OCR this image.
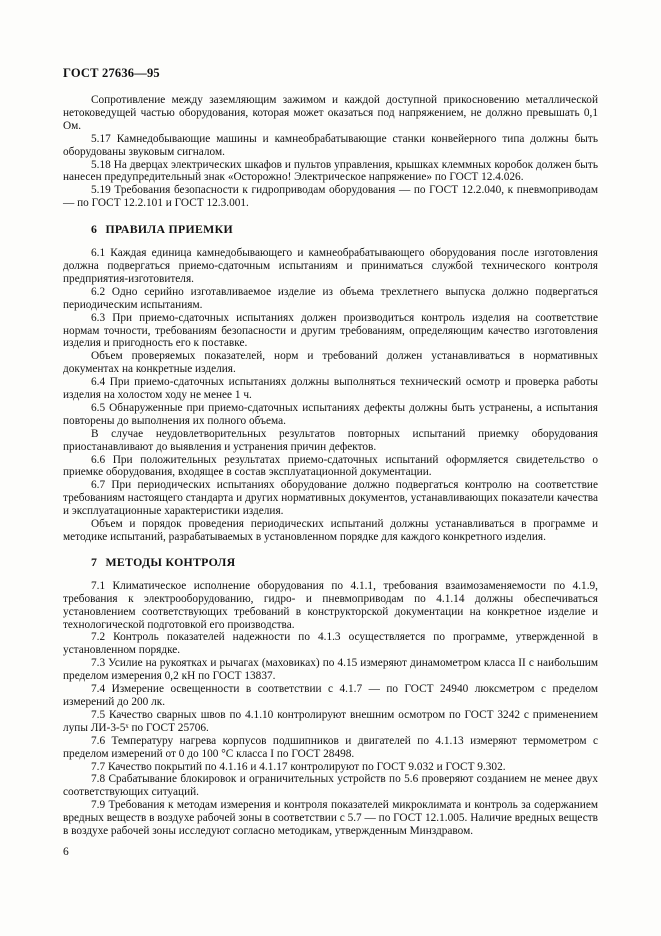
ГОСТ 27636—95

Сопротивление между заземляющим зажимом и каждой доступной прикосновению металлической нетоковедущей частью оборудования, которая может оказаться под напряжением, не должно превышать 0,1 Ом.

5.17 Камнедобывающие машины и камнеобрабатывающие станки конвейерного типа должны быть оборудованы звуковым сигналом.

5.18 На дверцах электрических шкафов и пультов управления, крышках клеммных коробок должен быть нанесен предупредительный знак «Осторожно! Электрическое напряжение» по ГОСТ 12.4.026.

5.19 Требования безопасности к гидроприводам оборудования — по ГОСТ 12.2.040, к пневмоприводам — по ГОСТ 12.2.101 и ГОСТ 12.3.001.

6 ПРАВИЛА ПРИЕМКИ

6.1 Каждая единица камнедобывающего и камнеобрабатывающего оборудования после изготовления должна подвергаться приемо-сдаточным испытаниям и приниматься службой технического контроля предприятия-изготовителя.

6.2 Одно серийно изготавливаемое изделие из объема трехлетнего выпуска должно подвергаться периодическим испытаниям.

6.3 При приемо-сдаточных испытаниях должен производиться контроль изделия на соответствие нормам точности, требованиям безопасности и другим требованиям, определяющим качество изготовления изделия и пригодность его к поставке.

Объем проверяемых показателей, норм и требований должен устанавливаться в нормативных документах на конкретные изделия.

6.4 При приемо-сдаточных испытаниях должны выполняться технический осмотр и проверка работы изделия на холостом ходу не менее 1 ч.

6.5 Обнаруженные при приемо-сдаточных испытаниях дефекты должны быть устранены, а испытания повторены до выполнения их полного объема.

В случае неудовлетворительных результатов повторных испытаний приемку оборудования приостанавливают до выявления и устранения причин дефектов.

6.6 При положительных результатах приемо-сдаточных испытаний оформляется свидетельство о приемке оборудования, входящее в состав эксплуатационной документации.

6.7 При периодических испытаниях оборудование должно подвергаться контролю на соответствие требованиям настоящего стандарта и других нормативных документов, устанавливающих показатели качества и эксплуатационные характеристики изделия.

Объем и порядок проведения периодических испытаний должны устанавливаться в программе и методике испытаний, разрабатываемых в установленном порядке для каждого конкретного изделия.

7 МЕТОДЫ КОНТРОЛЯ

7.1 Климатическое исполнение оборудования по 4.1.1, требования взаимозаменяемости по 4.1.9, требования к электрооборудованию, гидро- и пневмоприводам по 4.1.14 должны обеспечиваться установлением соответствующих требований в конструкторской документации на конкретное изделие и технологической подготовкой его производства.

7.2 Контроль показателей надежности по 4.1.3 осуществляется по программе, утвержденной в установленном порядке.

7.3 Усилие на рукоятках и рычагах (маховиках) по 4.15 измеряют динамометром класса II с наибольшим пределом измерения 0,2 кН по ГОСТ 13837.

7.4 Измерение освещенности в соответствии с 4.1.7 — по ГОСТ 24940 люксметром с пределом измерений до 200 лк.

7.5 Качество сварных швов по 4.1.10 контролируют внешним осмотром по ГОСТ 3242 с применением лупы ЛИ-3-5ˣ по ГОСТ 25706.

7.6 Температуру нагрева корпусов подшипников и двигателей по 4.1.13 измеряют термометром с пределом измерений от 0 до 100 °С класса I по ГОСТ 28498.

7.7 Качество покрытий по 4.1.16 и 4.1.17 контролируют по ГОСТ 9.032 и ГОСТ 9.302.

7.8 Срабатывание блокировок и ограничительных устройств по 5.6 проверяют созданием не менее двух соответствующих ситуаций.

7.9 Требования к методам измерения и контроля показателей микроклимата и контроль за содержанием вредных веществ в воздухе рабочей зоны в соответствии с 5.7 — по ГОСТ 12.1.005. Наличие вредных веществ в воздухе рабочей зоны исследуют согласно методикам, утвержденным Минздравом.

6
